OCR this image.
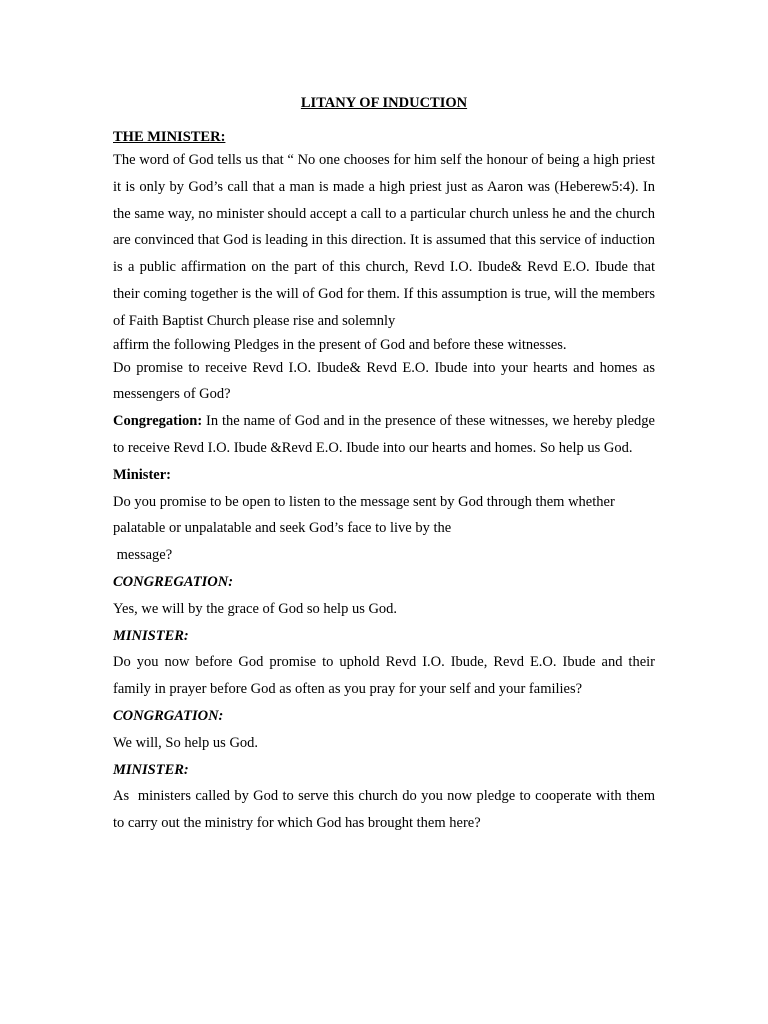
LITANY OF INDUCTION
THE MINISTER:

The word of God tells us that “ No one chooses for him self the honour of being a high priest it is only by God’s call that a man is made a high priest just as Aaron was (Heberew5:4). In the same way, no minister should accept a call to a particular church unless he and the church are convinced that God is leading in this direction. It is assumed that this service of induction is a public affirmation on the part of this church, Revd I.O. Ibude& Revd E.O. Ibude that their coming together is the will of God for them. If this assumption is true, will the members of Faith Baptist Church please rise and solemnly

affirm the following Pledges in the present of God and before these witnesses.

Do promise to receive Revd I.O. Ibude& Revd E.O. Ibude into your hearts and homes as messengers of God?

Congregation: In the name of God and in the presence of these witnesses, we hereby pledge to receive Revd I.O. Ibude &Revd E.O. Ibude into our hearts and homes. So help us God.

Minister:

Do you promise to be open to listen to the message sent by God through them whether palatable or unpalatable and seek God’s face to live by the

message?

CONGREGATION:

Yes, we will by the grace of God so help us God.

MINISTER:

Do you now before God promise to uphold Revd I.O. Ibude, Revd E.O. Ibude and their family in prayer before God as often as you pray for your self and your families?

CONGRGATION:

We will, So help us God.

MINISTER:

As  ministers called by God to serve this church do you now pledge to cooperate with them to carry out the ministry for which God has brought them here?
